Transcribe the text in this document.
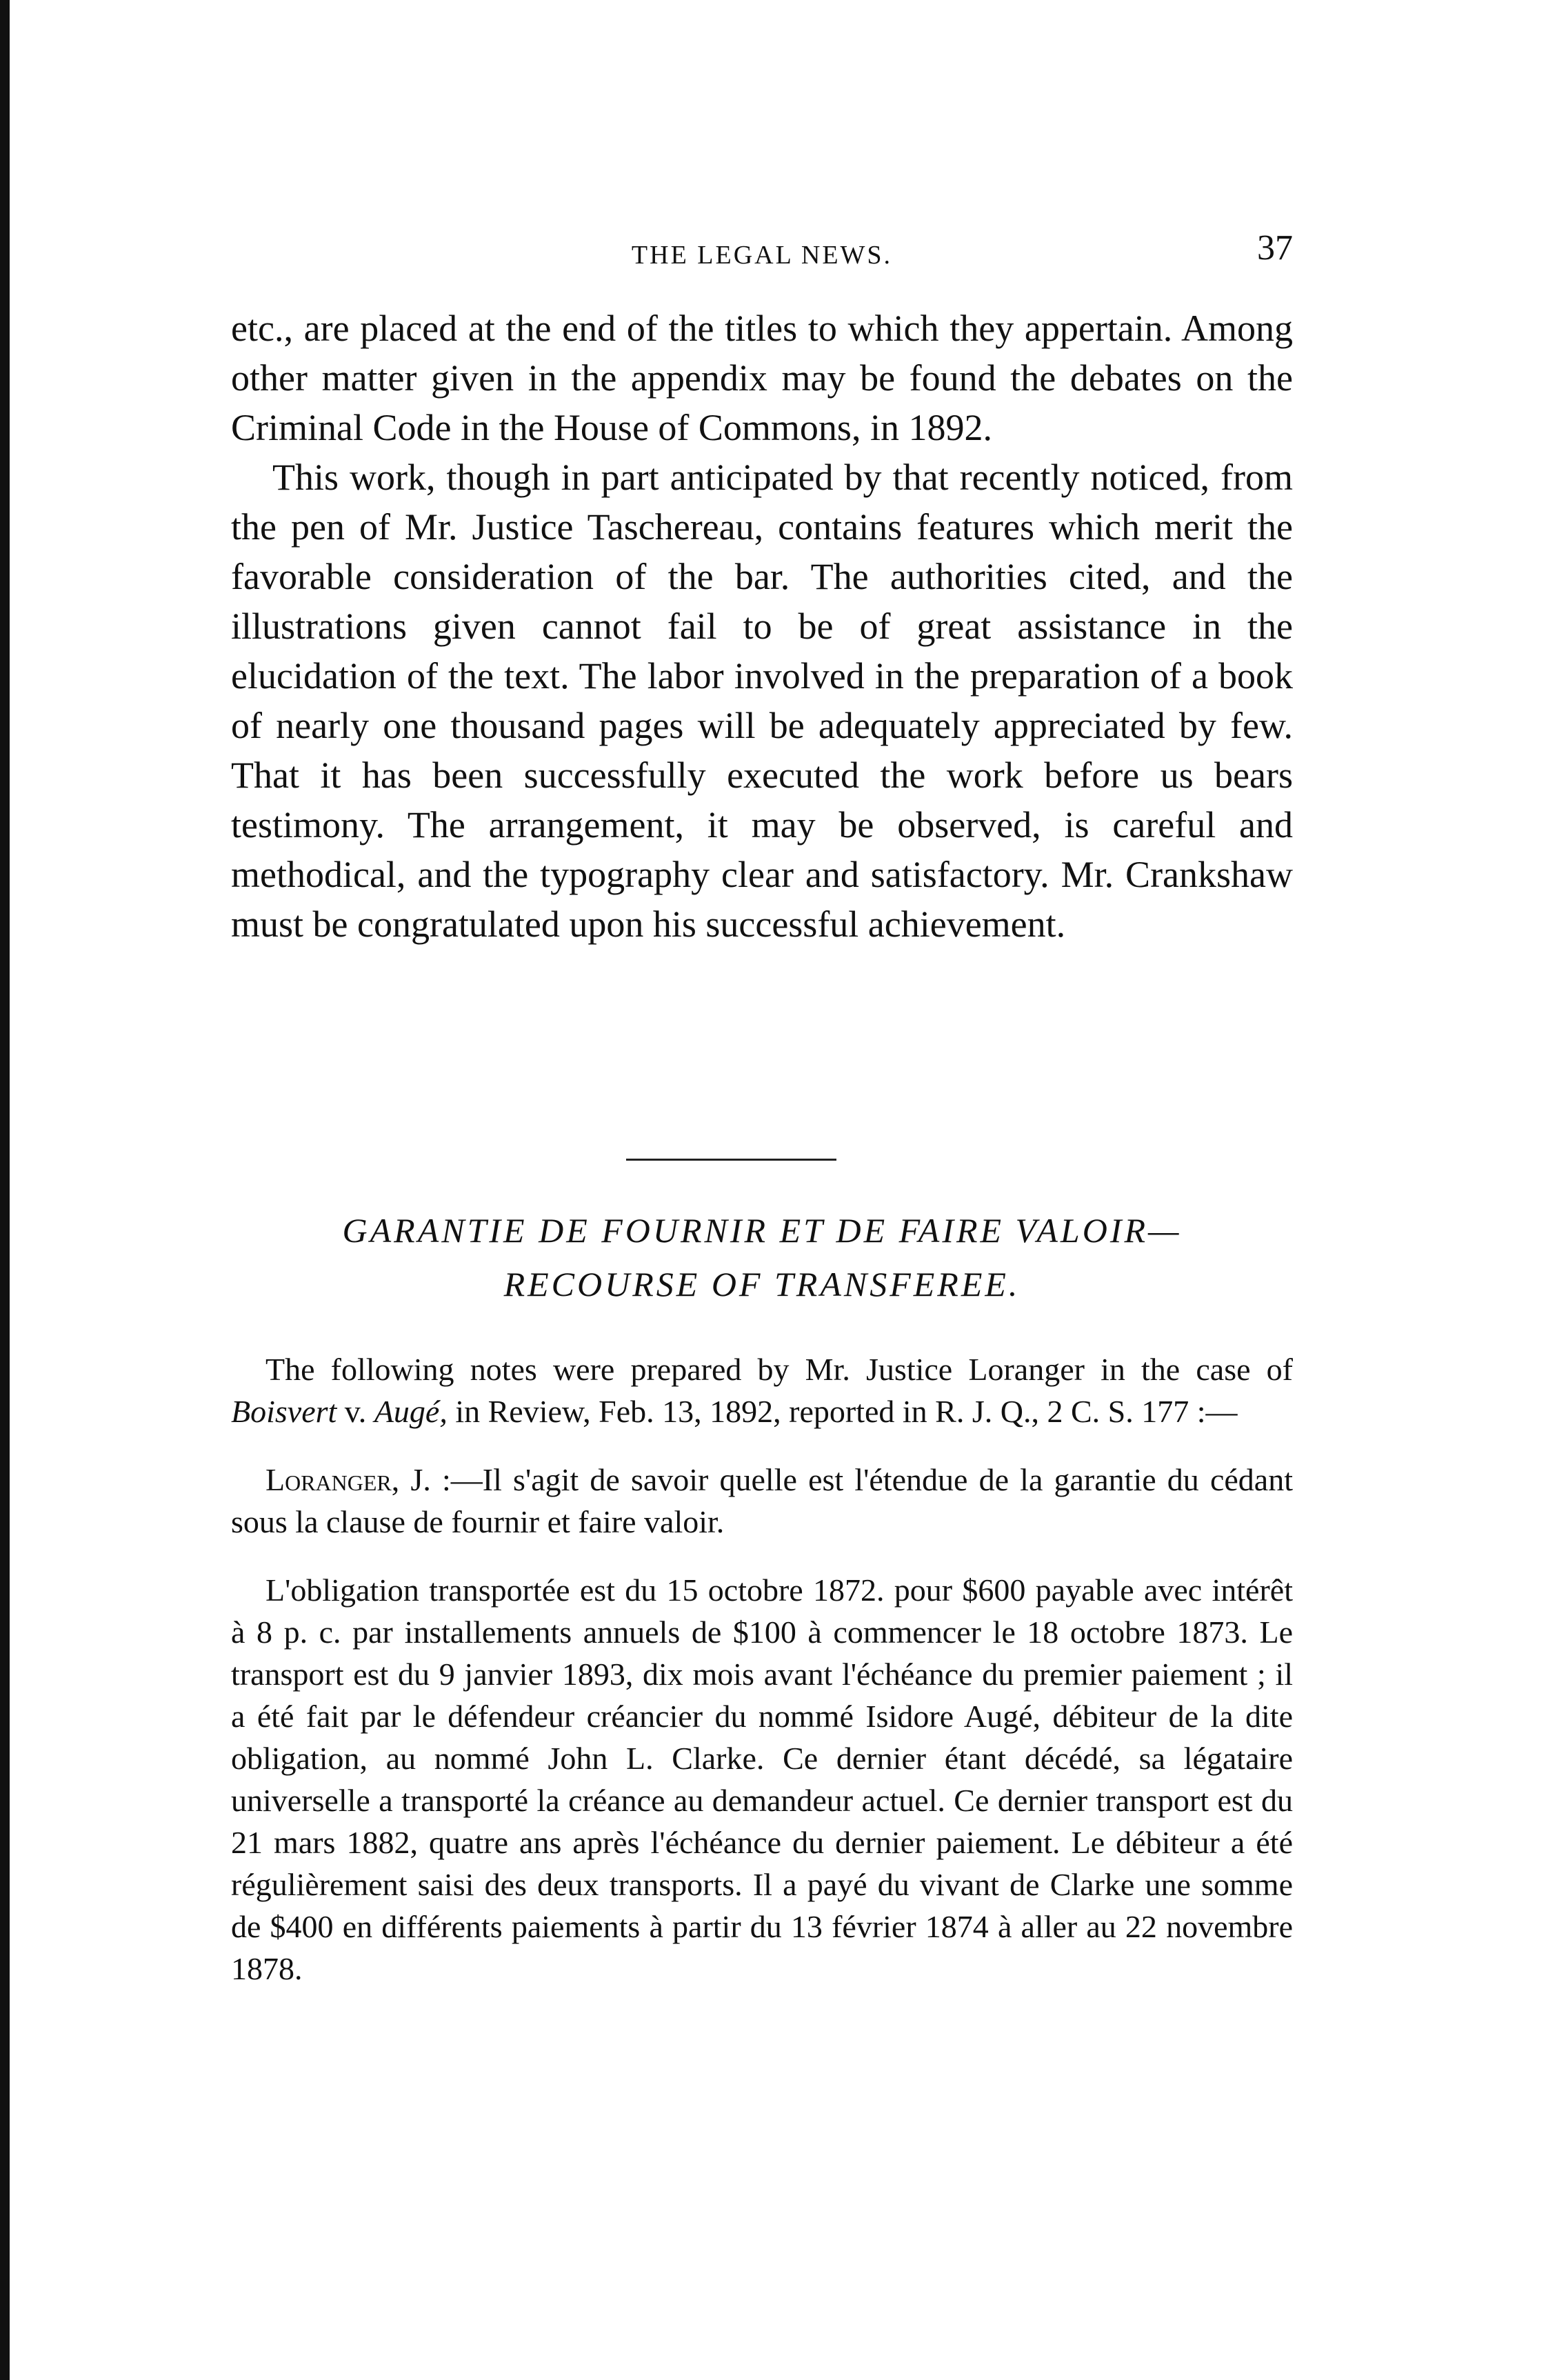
THE LEGAL NEWS.	37

etc., are placed at the end of the titles to which they appertain. Among other matter given in the appendix may be found the debates on the Criminal Code in the House of Commons, in 1892.

This work, though in part anticipated by that recently noticed, from the pen of Mr. Justice Taschereau, contains features which merit the favorable consideration of the bar. The authorities cited, and the illustrations given cannot fail to be of great assistance in the elucidation of the text. The labor involved in the preparation of a book of nearly one thousand pages will be adequately appreciated by few. That it has been successfully executed the work before us bears testimony. The arrangement, it may be observed, is careful and methodical, and the typography clear and satisfactory. Mr. Crankshaw must be congratulated upon his successful achievement.

GARANTIE DE FOURNIR ET DE FAIRE VALOIR—
RECOURSE OF TRANSFEREE.

The following notes were prepared by Mr. Justice Loranger in the case of Boisvert v. Augé, in Review, Feb. 13, 1892, reported in R. J. Q., 2 C. S. 177 :—

Loranger, J. :—Il s'agit de savoir quelle est l'étendue de la garantie du cédant sous la clause de fournir et faire valoir.

L'obligation transportée est du 15 octobre 1872. pour $600 payable avec intérêt à 8 p. c. par installements annuels de $100 à commencer le 18 octobre 1873. Le transport est du 9 janvier 1893, dix mois avant l'échéance du premier paiement ; il a été fait par le défendeur créancier du nommé Isidore Augé, débiteur de la dite obligation, au nommé John L. Clarke. Ce dernier étant décédé, sa légataire universelle a transporté la créance au demandeur actuel. Ce dernier transport est du 21 mars 1882, quatre ans après l'échéance du dernier paiement. Le débiteur a été régulièrement saisi des deux transports. Il a payé du vivant de Clarke une somme de $400 en différents paiements à partir du 13 février 1874 à aller au 22 novembre 1878.
